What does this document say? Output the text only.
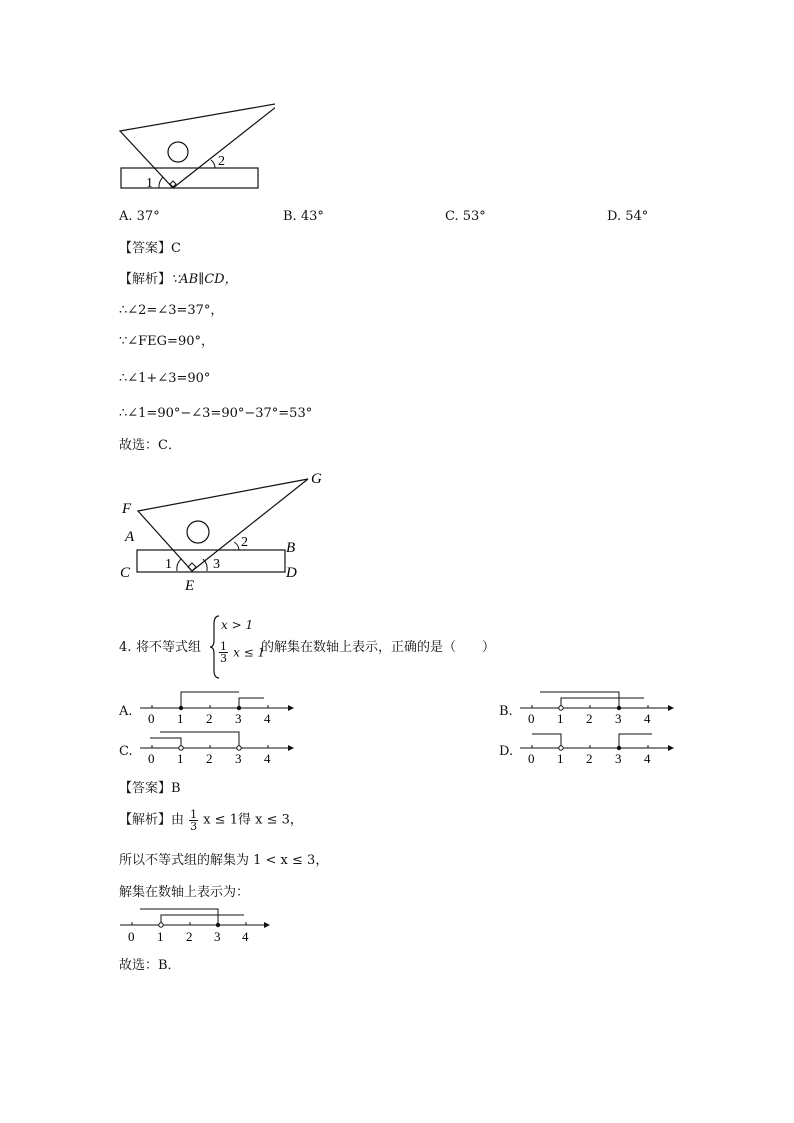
1
2
A. 37°	B. 43°	C. 53°	D. 54°
【答案】C
【解析】∵AB∥CD，
∴∠2=∠3=37°，
∵∠FEG=90°，
∴∠1+∠3=90°
∴∠1=90°−∠3=90°−37°=53°
故选：C．
F
G
A
B
C	D
E
1	3
2
4. 将不等式组
x > 1
$\frac{1}{3}$ x ≤ 1
的解集在数轴上表示，正确的是（　　）
A. 0 1 2 3 4	B. 0 1 2 3 4
C. 0 1 2 3 4	D. 0 1 2 3 4
【答案】B
【解析】由 $\frac{1}{3}$ x ≤ 1得 x ≤ 3，
所以不等式组的解集为 1 < x ≤ 3，
解集在数轴上表示为：
0 1 2 3 4
故选：B．
